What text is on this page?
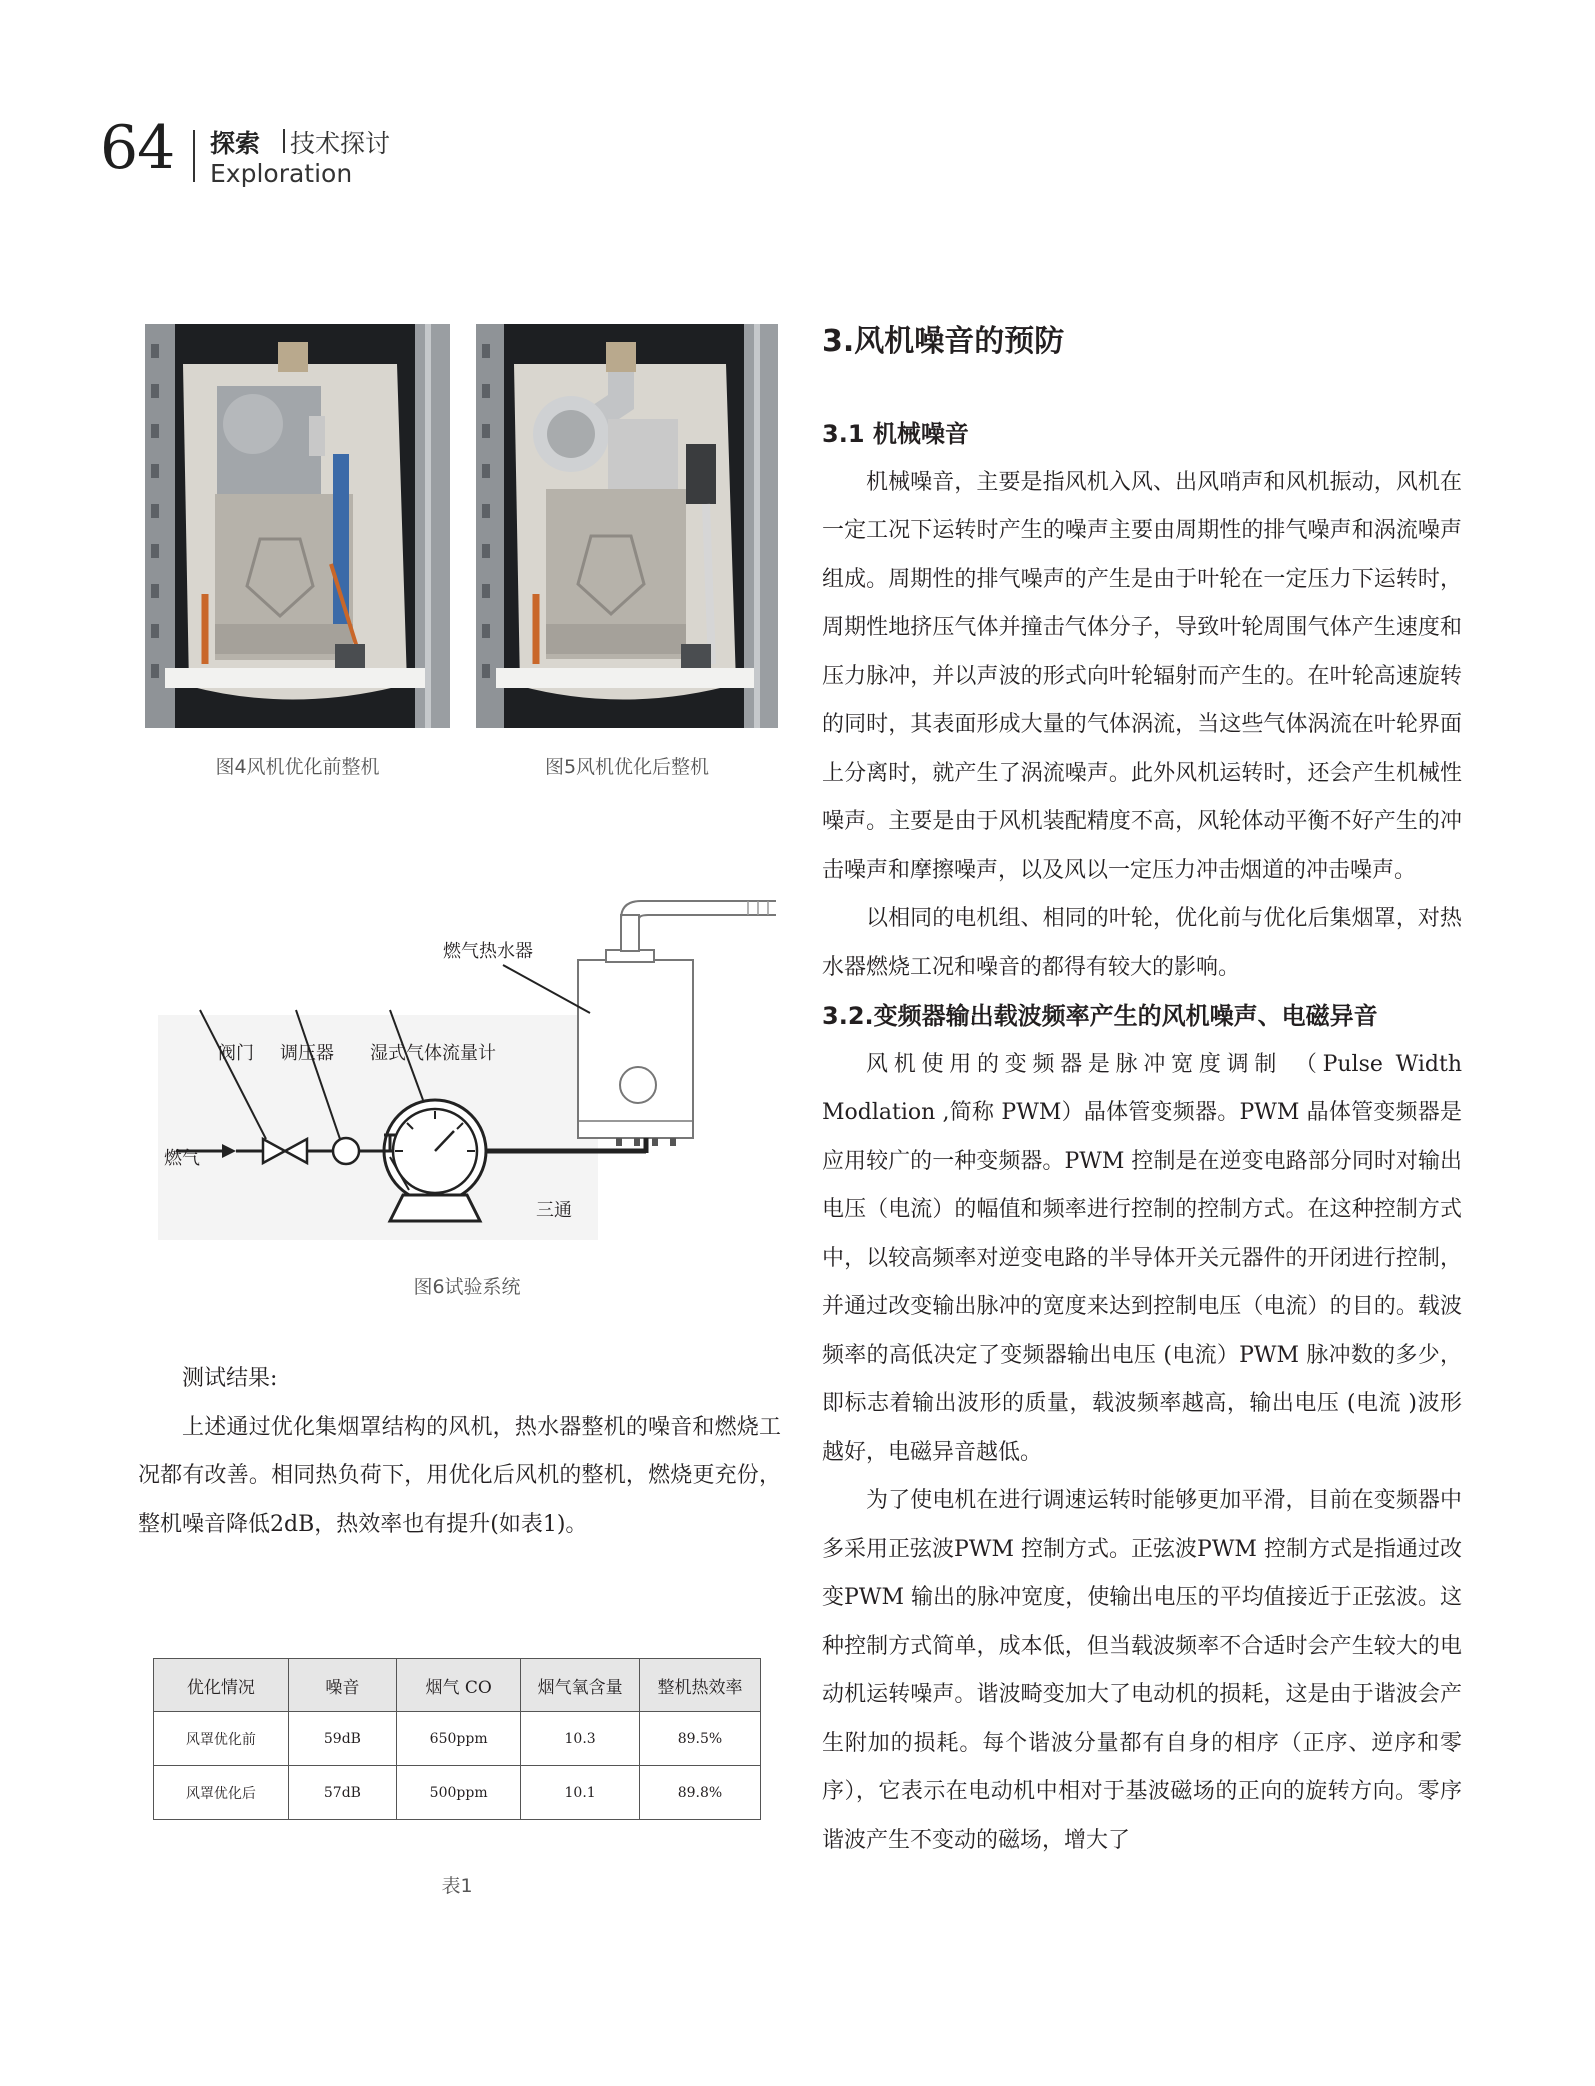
64 探索 技术探讨
Exploration
图4风机优化前整机	图5风机优化后整机
燃气热水器
阀门 调压器 湿式气体流量计
燃气
三通
图6试验系统

测试结果:

上述通过优化集烟罩结构的风机，热水器整机的噪音和燃烧工况都有改善。相同热负荷下，用优化后风机的整机，燃烧更充份，整机噪音降低2dB，热效率也有提升(如表1)。

优化情况	噪音	烟气 CO	烟气氧含量	整机热效率
风罩优化前	59dB	650ppm	10.3	89.5%
风罩优化后	57dB	500ppm	10.1	89.8%
表1
3.风机噪音的预防
3.1 机械噪音

机械噪音，主要是指风机入风、出风哨声和风机振动，风机在一定工况下运转时产生的噪声主要由周期性的排气噪声和涡流噪声组成。周期性的排气噪声的产生是由于叶轮在一定压力下运转时，周期性地挤压气体并撞击气体分子，导致叶轮周围气体产生速度和压力脉冲，并以声波的形式向叶轮辐射而产生的。在叶轮高速旋转的同时，其表面形成大量的气体涡流，当这些气体涡流在叶轮界面上分离时，就产生了涡流噪声。此外风机运转时，还会产生机械性噪声。主要是由于风机装配精度不高，风轮体动平衡不好产生的冲击噪声和摩擦噪声，以及风以一定压力冲击烟道的冲击噪声。

以相同的电机组、相同的叶轮，优化前与优化后集烟罩，对热水器燃烧工况和噪音的都得有较大的影响。

3.2.变频器输出载波频率产生的风机噪声、电磁异音

风机使用的变频器是脉冲宽度调制 （Pulse Width Modlation ,简称 PWM）晶体管变频器。PWM 晶体管变频器是应用较广的一种变频器。PWM 控制是在逆变电路部分同时对输出电压（电流）的幅值和频率进行控制的控制方式。在这种控制方式中，以较高频率对逆变电路的半导体开关元器件的开闭进行控制，并通过改变输出脉冲的宽度来达到控制电压（电流）的目的。载波频率的高低决定了变频器输出电压 (电流）PWM 脉冲数的多少，即标志着输出波形的质量，载波频率越高，输出电压 (电流 )波形越好，电磁异音越低。

为了使电机在进行调速运转时能够更加平滑，目前在变频器中多采用正弦波PWM 控制方式。正弦波PWM 控制方式是指通过改变PWM 输出的脉冲宽度，使输出电压的平均值接近于正弦波。这种控制方式简单，成本低，但当载波频率不合适时会产生较大的电动机运转噪声。谐波畸变加大了电动机的损耗，这是由于谐波会产生附加的损耗。每个谐波分量都有自身的相序（正序、逆序和零序），它表示在电动机中相对于基波磁场的正向的旋转方向。零序谐波产生不变动的磁场，增大了
